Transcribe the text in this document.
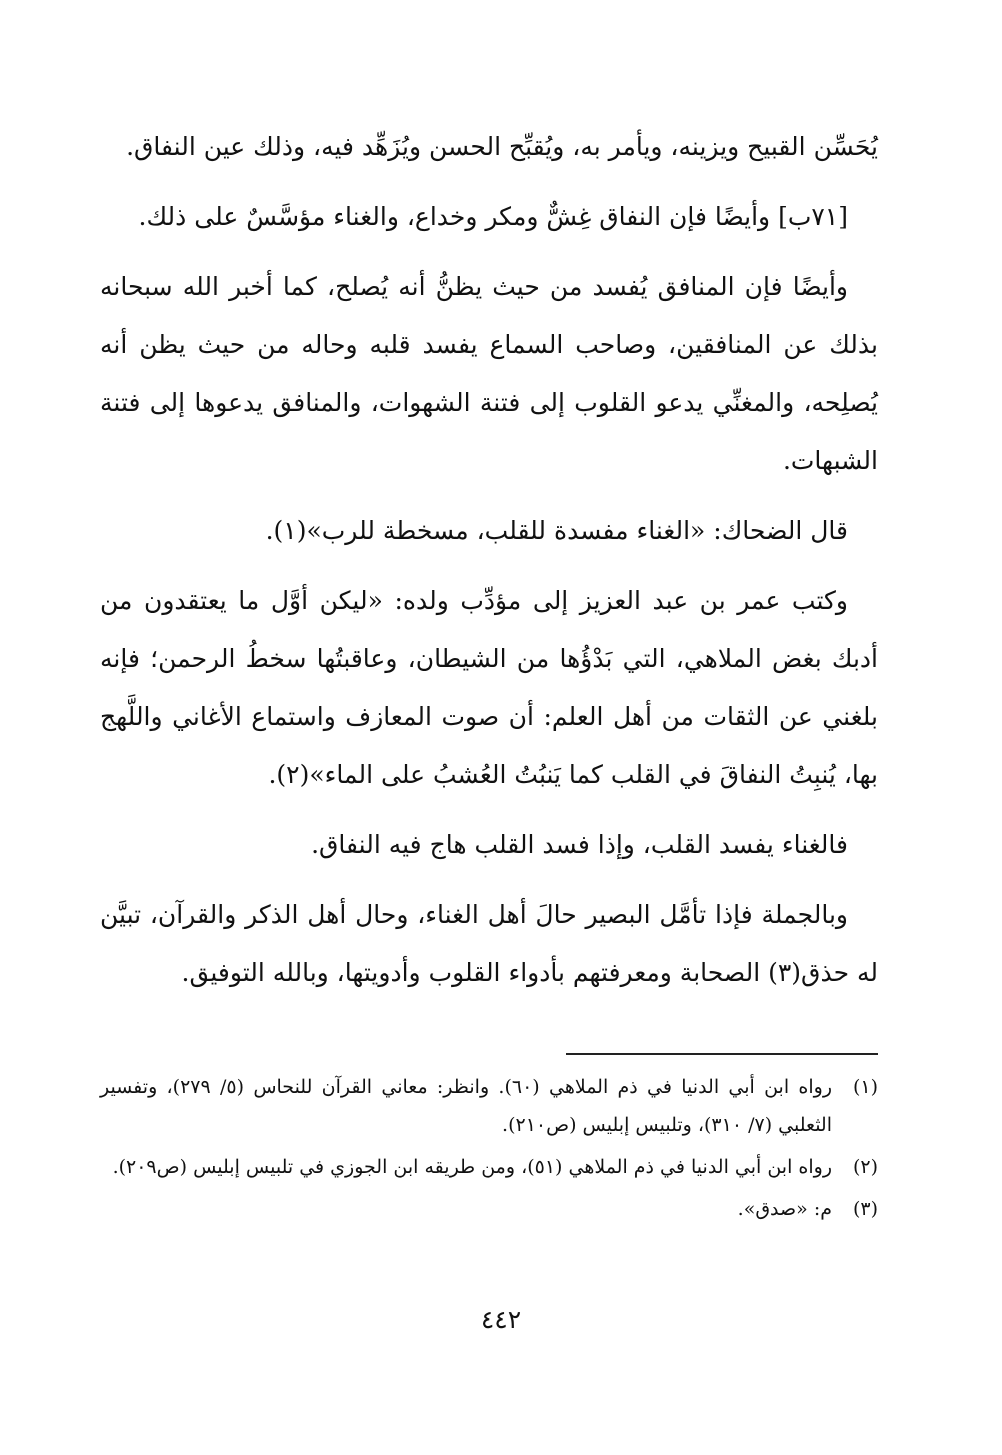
يُحَسِّن القبيح ويزينه، ويأمر به، ويُقبِّح الحسن ويُزَهِّد فيه، وذلك عين النفاق.

[٧١ب] وأيضًا فإن النفاق غِشٌّ ومكر وخداع، والغناء مؤسَّسٌ على ذلك.

وأيضًا فإن المنافق يُفسد من حيث يظنُّ أنه يُصلح، كما أخبر الله سبحانه بذلك عن المنافقين، وصاحب السماع يفسد قلبه وحاله من حيث يظن أنه يُصلِحه، والمغنِّي يدعو القلوب إلى فتنة الشهوات، والمنافق يدعوها إلى فتنة الشبهات.

قال الضحاك: «الغناء مفسدة للقلب، مسخطة للرب»(١).

وكتب عمر بن عبد العزيز إلى مؤدِّب ولده: «ليكن أوَّل ما يعتقدون من أدبك بغض الملاهي، التي بَدْؤُها من الشيطان، وعاقبتُها سخطُ الرحمن؛ فإنه بلغني عن الثقات من أهل العلم: أن صوت المعازف واستماع الأغاني واللَّهج بها، يُنبِتُ النفاقَ في القلب كما يَنبُتُ العُشبُ على الماء»(٢).

فالغناء يفسد القلب، وإذا فسد القلب هاج فيه النفاق.

وبالجملة فإذا تأمَّل البصير حالَ أهل الغناء، وحال أهل الذكر والقرآن، تبيَّن له حذق(٣) الصحابة ومعرفتهم بأدواء القلوب وأدويتها، وبالله التوفيق.

(١)
رواه ابن أبي الدنيا في ذم الملاهي (٦٠). وانظر: معاني القرآن للنحاس (٥/ ٢٧٩)، وتفسير الثعلبي (٧/ ٣١٠)، وتلبيس إبليس (ص٢١٠).
(٢)
رواه ابن أبي الدنيا في ذم الملاهي (٥١)، ومن طريقه ابن الجوزي في تلبيس إبليس (ص٢٠٩).
(٣)
م: «صدق».
٤٤٢
